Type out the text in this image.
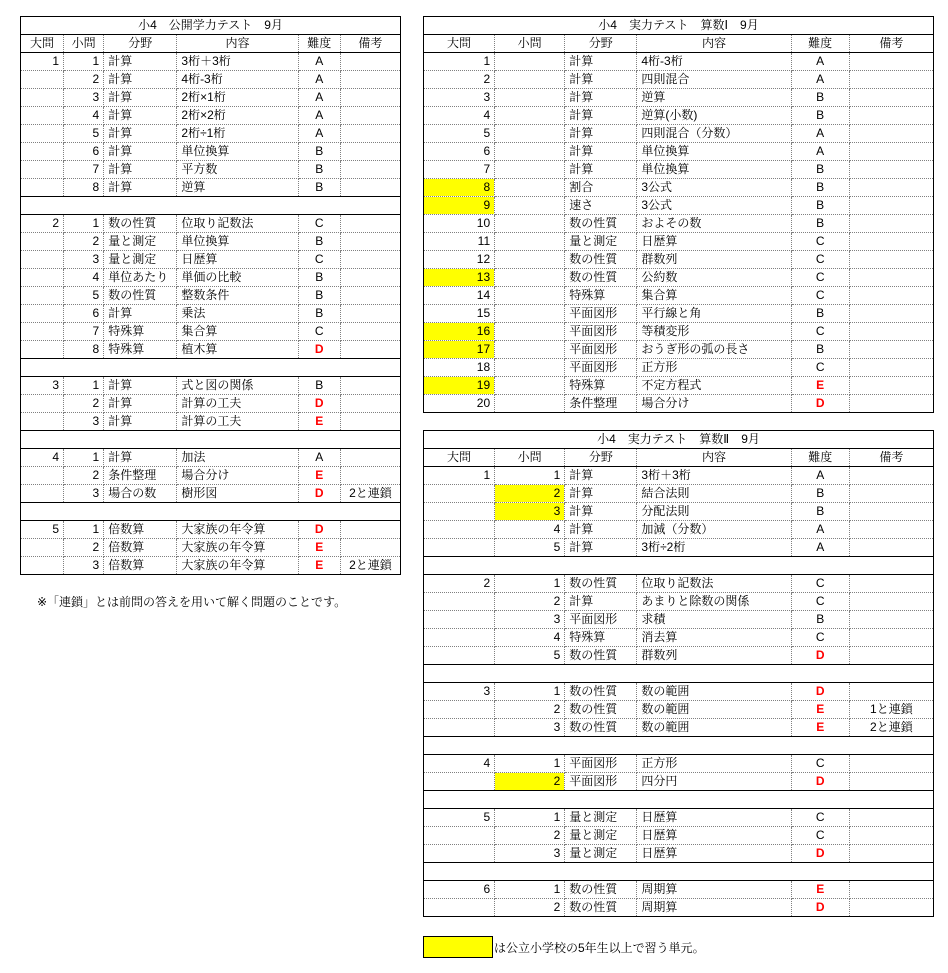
小4　公開学力テスト　9月					
大問	小問	分野	内容	難度	備考
1	1	計算	3桁＋3桁	A	
	2	計算	4桁-3桁	A	
	3	計算	2桁×1桁	A	
	4	計算	2桁×2桁	A	
	5	計算	2桁÷1桁	A	
	6	計算	単位換算	B	
	7	計算	平方数	B	
	8	計算	逆算	B	

2	1	数の性質	位取り記数法	C	
	2	量と測定	単位換算	B	
	3	量と測定	日歴算	C	
	4	単位あたり	単価の比較	B	
	5	数の性質	整数条件	B	
	6	計算	乗法	B	
	7	特殊算	集合算	C	
	8	特殊算	植木算	D	

3	1	計算	式と図の関係	B	
	2	計算	計算の工夫	D	
	3	計算	計算の工夫	E	

4	1	計算	加法	A	
	2	条件整理	場合分け	E	
	3	場合の数	樹形図	D	2と連鎖

5	1	倍数算	大家族の年令算	D	
	2	倍数算	大家族の年令算	E	
	3	倍数算	大家族の年令算	E	2と連鎖
小4　実力テスト　算数Ⅰ　9月					
大問	小問	分野	内容	難度	備考
1		計算	4桁-3桁	A	
2		計算	四則混合	A	
3		計算	逆算	B	
4		計算	逆算(小数)	B	
5		計算	四則混合（分数）	A	
6		計算	単位換算	A	
7		計算	単位換算	B	
8		割合	3公式	B	
9		速さ	3公式	B	
10		数の性質	およその数	B	
11		量と測定	日歴算	C	
12		数の性質	群数列	C	
13		数の性質	公約数	C	
14		特殊算	集合算	C	
15		平面図形	平行線と角	B	
16		平面図形	等積変形	C	
17		平面図形	おうぎ形の弧の長さ	B	
18		平面図形	正方形	C	
19		特殊算	不定方程式	E	
20		条件整理	場合分け	D	
小4　実力テスト　算数Ⅱ　9月					
大問	小問	分野	内容	難度	備考
1	1	計算	3桁＋3桁	A	
	2	計算	結合法則	B	
	3	計算	分配法則	B	
	4	計算	加減（分数）	A	
	5	計算	3桁÷2桁	A	

2	1	数の性質	位取り記数法	C	
	2	計算	あまりと除数の関係	C	
	3	平面図形	求積	B	
	4	特殊算	消去算	C	
	5	数の性質	群数列	D	

3	1	数の性質	数の範囲	D	
	2	数の性質	数の範囲	E	1と連鎖
	3	数の性質	数の範囲	E	2と連鎖

4	1	平面図形	正方形	C	
	2	平面図形	四分円	D	

5	1	量と測定	日歴算	C	
	2	量と測定	日歴算	C	
	3	量と測定	日歴算	D	

6	1	数の性質	周期算	E	
	2	数の性質	周期算	D	
※「連鎖」とは前問の答えを用いて解く問題のことです。
は公立小学校の5年生以上で習う単元。
